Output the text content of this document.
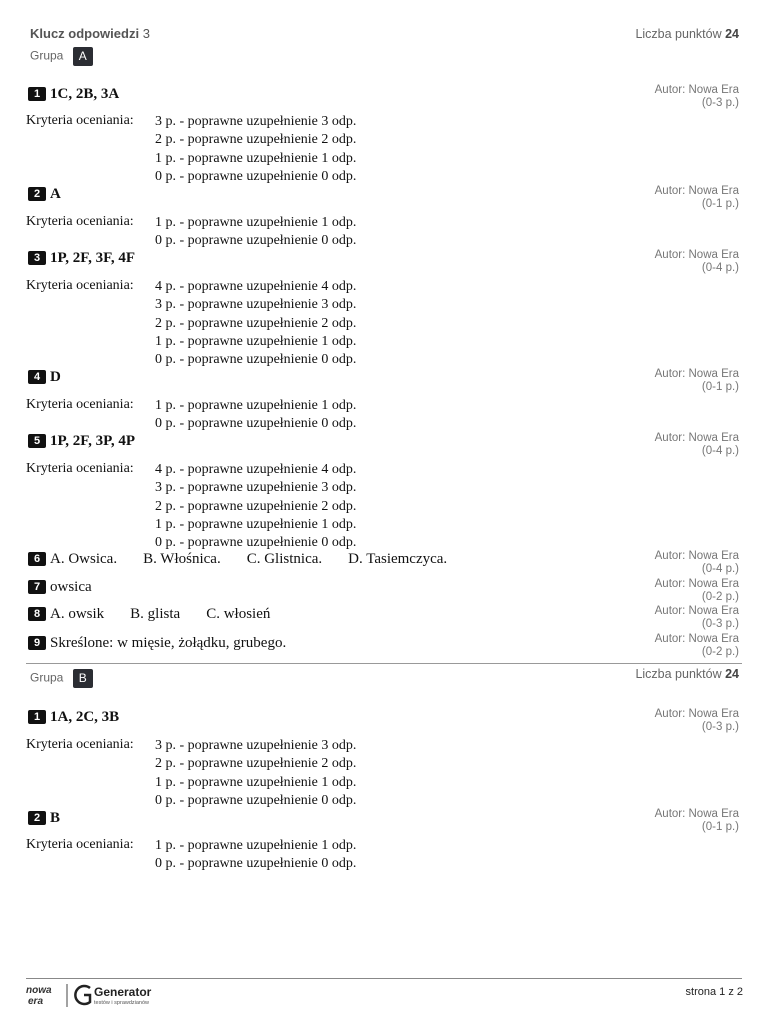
Klucz odpowiedzi 3	Liczba punktów 24
Grupa A
1 1C, 2B, 3A	Autor: Nowa Era
(0-3 p.)
Kryteria oceniania: 3 p. - poprawne uzupełnienie 3 odp.
2 p. - poprawne uzupełnienie 2 odp.
1 p. - poprawne uzupełnienie 1 odp.
0 p. - poprawne uzupełnienie 0 odp.
2 A	Autor: Nowa Era
(0-1 p.)
Kryteria oceniania: 1 p. - poprawne uzupełnienie 1 odp.
0 p. - poprawne uzupełnienie 0 odp.
3 1P, 2F, 3F, 4F	Autor: Nowa Era
(0-4 p.)
Kryteria oceniania: 4 p. - poprawne uzupełnienie 4 odp.
3 p. - poprawne uzupełnienie 3 odp.
2 p. - poprawne uzupełnienie 2 odp.
1 p. - poprawne uzupełnienie 1 odp.
0 p. - poprawne uzupełnienie 0 odp.
4 D	Autor: Nowa Era
(0-1 p.)
Kryteria oceniania: 1 p. - poprawne uzupełnienie 1 odp.
0 p. - poprawne uzupełnienie 0 odp.
5 1P, 2F, 3P, 4P	Autor: Nowa Era
(0-4 p.)
Kryteria oceniania: 4 p. - poprawne uzupełnienie 4 odp.
3 p. - poprawne uzupełnienie 3 odp.
2 p. - poprawne uzupełnienie 2 odp.
1 p. - poprawne uzupełnienie 1 odp.
0 p. - poprawne uzupełnienie 0 odp.
6 A. Owsica. B. Włośnica. C. Glistnica. D. Tasiemczyca.	Autor: Nowa Era
(0-4 p.)
7 owsica	Autor: Nowa Era
(0-2 p.)
8 A. owsik B. glista C. włosień	Autor: Nowa Era
(0-3 p.)
9 Skreślone: w mięsie, żołądku, grubego.	Autor: Nowa Era
(0-2 p.)
Grupa B	Liczba punktów 24
1 1A, 2C, 3B	Autor: Nowa Era
(0-3 p.)
Kryteria oceniania: 3 p. - poprawne uzupełnienie 3 odp.
2 p. - poprawne uzupełnienie 2 odp.
1 p. - poprawne uzupełnienie 1 odp.
0 p. - poprawne uzupełnienie 0 odp.
2 B	Autor: Nowa Era
(0-1 p.)
Kryteria oceniania: 1 p. - poprawne uzupełnienie 1 odp.
0 p. - poprawne uzupełnienie 0 odp.
nowa
era
Generator
testów i sprawdzianów
strona 1 z 2
